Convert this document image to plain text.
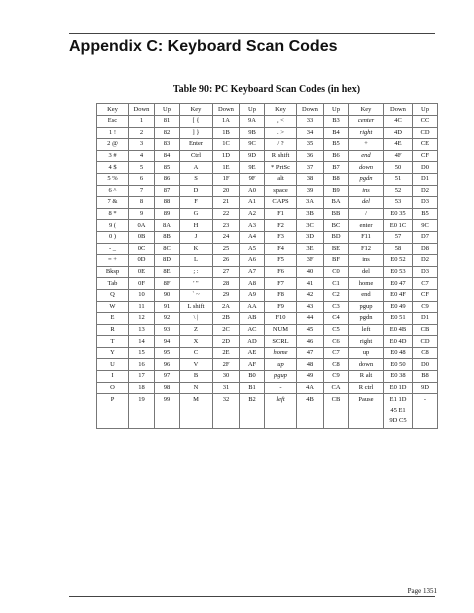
Appendix C: Keyboard Scan Codes
Table 90: PC Keyboard Scan Codes (in hex)
Key	Down	Up	Key	Down	Up	Key	Down	Up	Key	Down	Up
Esc	1	81	[ {	1A	9A	, <	33	B3	center	4C	CC
1 !	2	82	] }	1B	9B	. >	34	B4	right	4D	CD
2 @	3	83	Enter	1C	9C	/ ?	35	B5	+	4E	CE
3 #	4	84	Ctrl	1D	9D	R shift	36	B6	end	4F	CF
4 $	5	85	A	1E	9E	* PrtSc	37	B7	down	50	D0
5 %	6	86	S	1F	9F	alt	38	B8	pgdn	51	D1
6 ^	7	87	D	20	A0	space	39	B9	ins	52	D2
7 &	8	88	F	21	A1	CAPS	3A	BA	del	53	D3
8 *	9	89	G	22	A2	F1	3B	BB	/	E0 35	B5
9 (	0A	8A	H	23	A3	F2	3C	BC	enter	E0 1C	9C
0 )	0B	8B	J	24	A4	F3	3D	BD	F11	57	D7
- _	0C	8C	K	25	A5	F4	3E	BE	F12	58	D8
= +	0D	8D	L	26	A6	F5	3F	BF	ins	E0 52	D2
Bksp	0E	8E	; :	27	A7	F6	40	C0	del	E0 53	D3
Tab	0F	8F	' "	28	A8	F7	41	C1	home	E0 47	C7
Q	10	90	` ~	29	A9	F8	42	C2	end	E0 4F	CF
W	11	91	L shift	2A	AA	F9	43	C3	pgup	E0 49	C9
E	12	92	\ |	2B	AB	F10	44	C4	pgdn	E0 51	D1
R	13	93	Z	2C	AC	NUM	45	C5	left	E0 4B	CB
T	14	94	X	2D	AD	SCRL	46	C6	right	E0 4D	CD
Y	15	95	C	2E	AE	home	47	C7	up	E0 48	C8
U	16	96	V	2F	AF	up	48	C8	down	E0 50	D0
I	17	97	B	30	B0	pgup	49	C9	R alt	E0 38	B8
O	18	98	N	31	B1	-	4A	CA	R ctrl	E0 1D	9D
P	19	99	M	32	B2	left	4B	CB	Pause	E1 1D
45 E1
9D C5	-
Page 1351
